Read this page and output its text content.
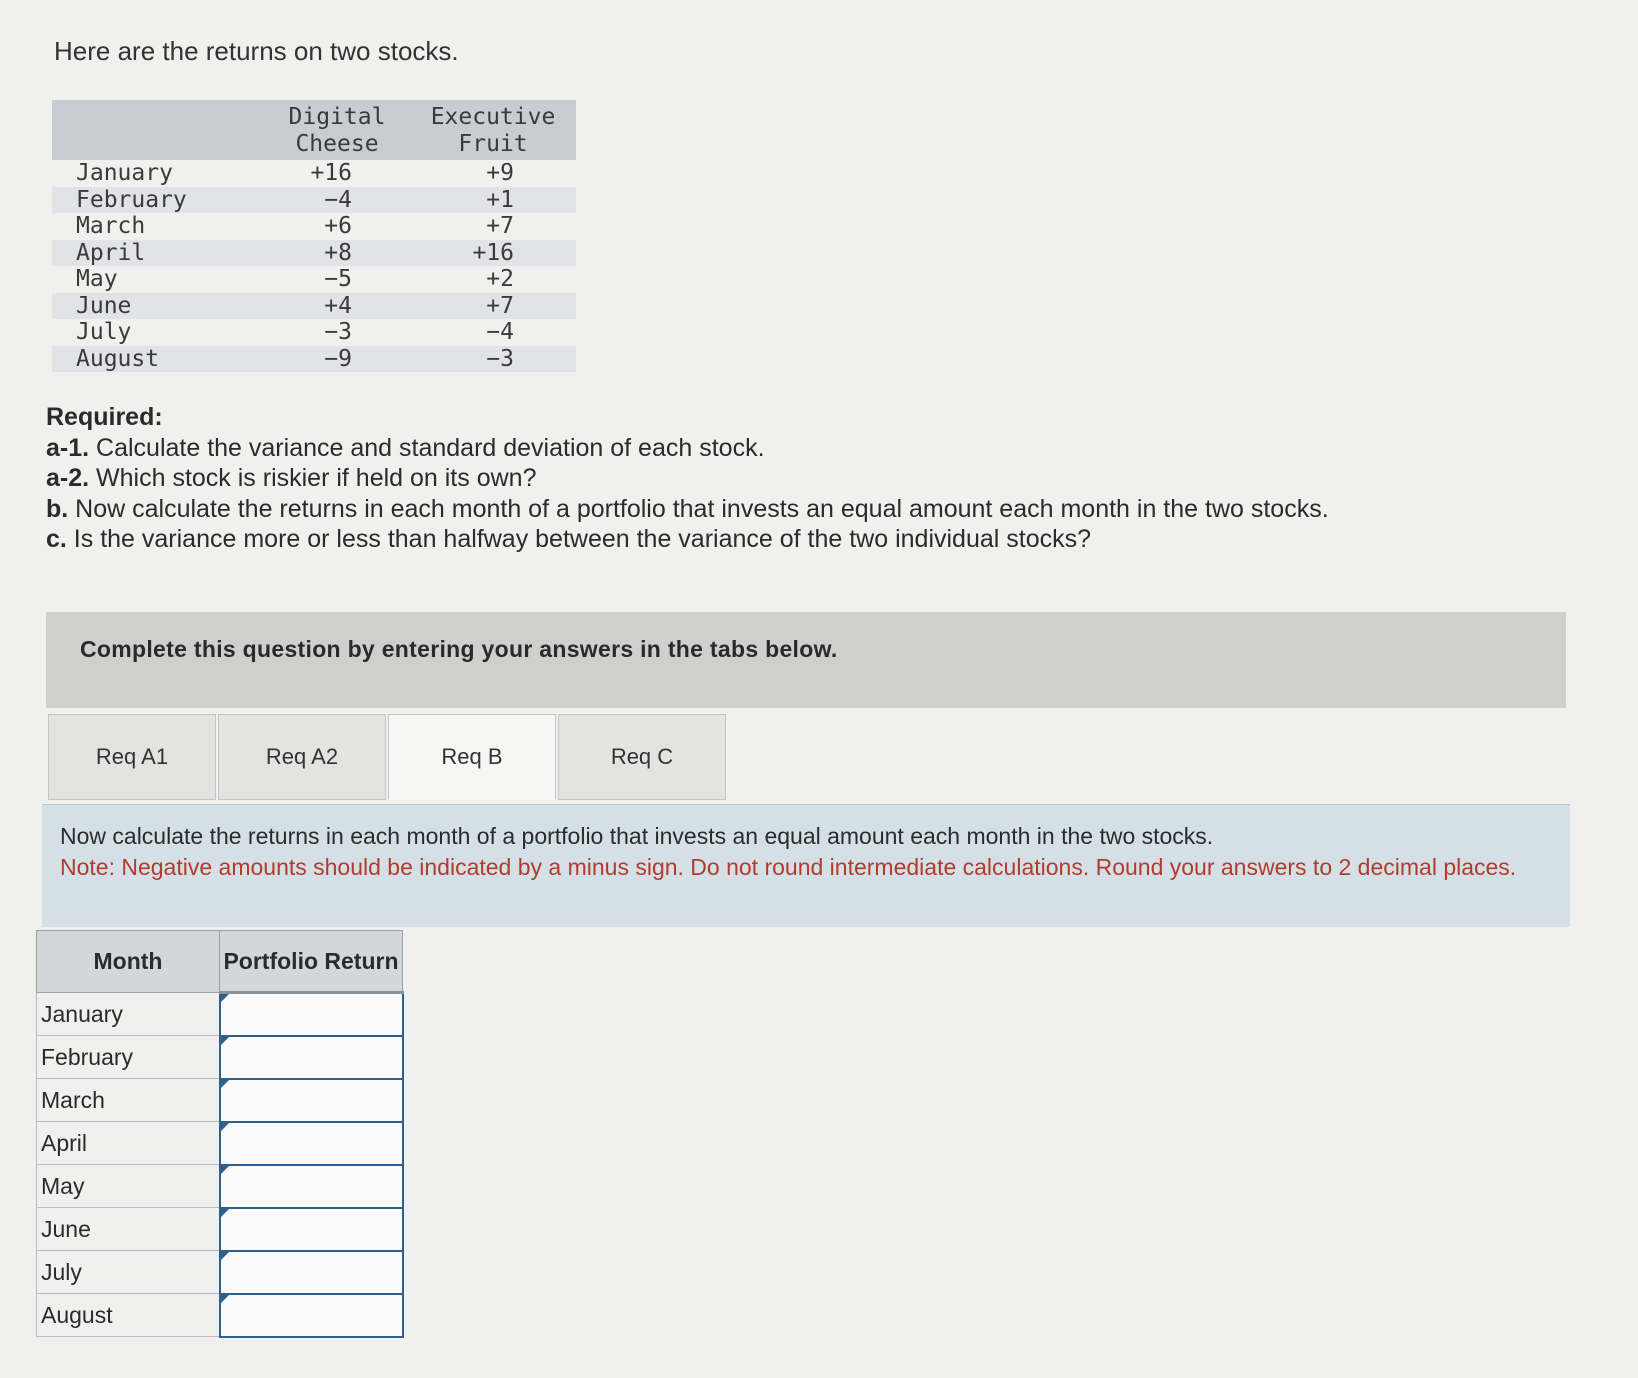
Here are the returns on two stocks.
	Digital Cheese	Executive Fruit
January	+16	+9
February	−4	+1
March	+6	+7
April	+8	+16
May	−5	+2
June	+4	+7
July	−3	−4
August	−9	−3
Required:
a-1. Calculate the variance and standard deviation of each stock.
a-2. Which stock is riskier if held on its own?
b. Now calculate the returns in each month of a portfolio that invests an equal amount each month in the two stocks.
c. Is the variance more or less than halfway between the variance of the two individual stocks?
Complete this question by entering your answers in the tabs below.
Req A1	Req A2	Req B	Req C
Now calculate the returns in each month of a portfolio that invests an equal amount each month in the two stocks.
Note: Negative amounts should be indicated by a minus sign. Do not round intermediate calculations. Round your answers to 2 decimal places.
Month	Portfolio Return
January	
February	
March	
April	
May	
June	
July	
August	
